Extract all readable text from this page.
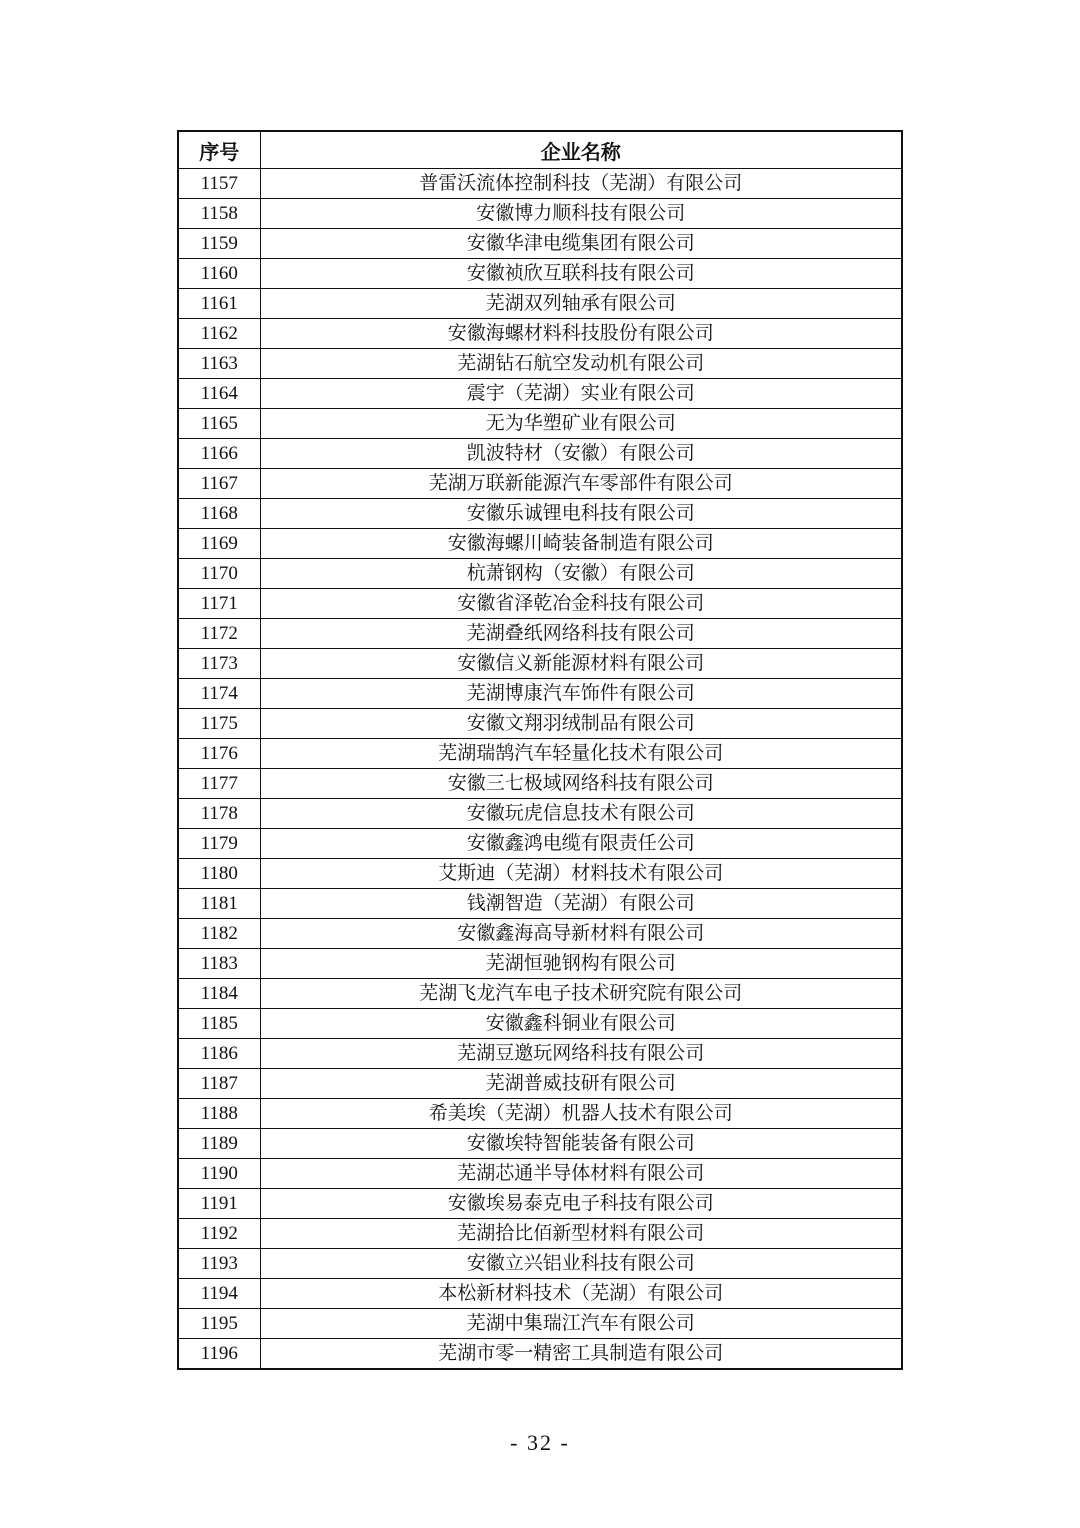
序号	企业名称
1157	普雷沃流体控制科技（芜湖）有限公司
1158	安徽博力顺科技有限公司
1159	安徽华津电缆集团有限公司
1160	安徽祯欣互联科技有限公司
1161	芜湖双列轴承有限公司
1162	安徽海螺材料科技股份有限公司
1163	芜湖钻石航空发动机有限公司
1164	震宇（芜湖）实业有限公司
1165	无为华塑矿业有限公司
1166	凯波特材（安徽）有限公司
1167	芜湖万联新能源汽车零部件有限公司
1168	安徽乐诚锂电科技有限公司
1169	安徽海螺川崎装备制造有限公司
1170	杭萧钢构（安徽）有限公司
1171	安徽省泽乾冶金科技有限公司
1172	芜湖叠纸网络科技有限公司
1173	安徽信义新能源材料有限公司
1174	芜湖博康汽车饰件有限公司
1175	安徽文翔羽绒制品有限公司
1176	芜湖瑞鹄汽车轻量化技术有限公司
1177	安徽三七极域网络科技有限公司
1178	安徽玩虎信息技术有限公司
1179	安徽鑫鸿电缆有限责任公司
1180	艾斯迪（芜湖）材料技术有限公司
1181	钱潮智造（芜湖）有限公司
1182	安徽鑫海高导新材料有限公司
1183	芜湖恒驰钢构有限公司
1184	芜湖飞龙汽车电子技术研究院有限公司
1185	安徽鑫科铜业有限公司
1186	芜湖豆邀玩网络科技有限公司
1187	芜湖普威技研有限公司
1188	希美埃（芜湖）机器人技术有限公司
1189	安徽埃特智能装备有限公司
1190	芜湖芯通半导体材料有限公司
1191	安徽埃易泰克电子科技有限公司
1192	芜湖拾比佰新型材料有限公司
1193	安徽立兴铝业科技有限公司
1194	本松新材料技术（芜湖）有限公司
1195	芜湖中集瑞江汽车有限公司
1196	芜湖市零一精密工具制造有限公司
- 32 -
